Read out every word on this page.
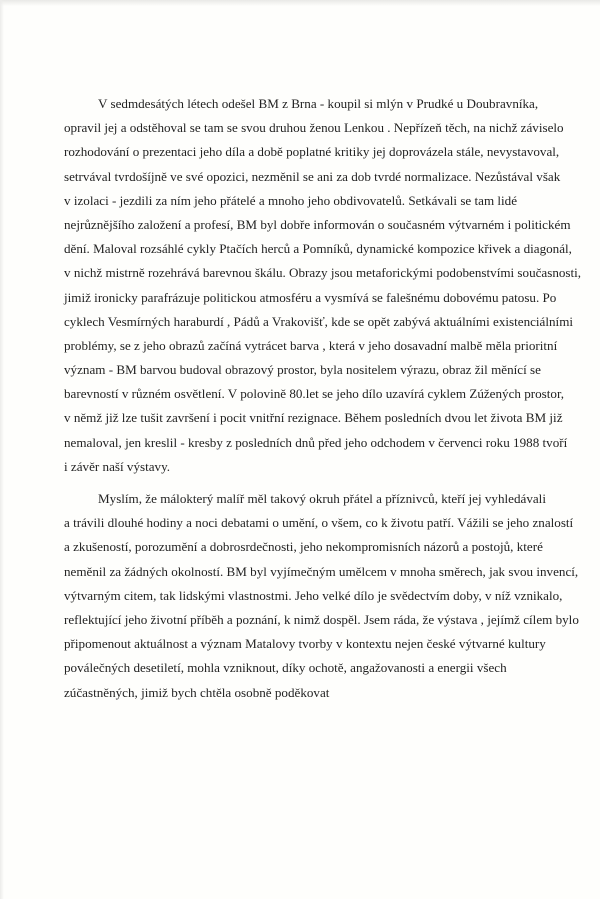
V sedmdesátých létech odešel BM z Brna - koupil si mlýn v Prudké u Doubravníka,
opravil jej a odstěhoval se tam se svou druhou ženou Lenkou . Nepřízeň těch, na nichž záviselo
rozhodování o prezentaci jeho díla a době poplatné kritiky jej doprovázela stále, nevystavoval,
setrvával tvrdošíjně ve své opozici, nezměnil se ani za dob tvrdé normalizace. Nezůstával však
v izolaci - jezdili za ním jeho přátelé a mnoho jeho obdivovatelů. Setkávali se tam lidé
nejrůznějšího založení a profesí, BM byl dobře informován o současném výtvarném i politickém
dění. Maloval rozsáhlé cykly Ptačích herců a Pomníků, dynamické kompozice křivek a diagonál,
v nichž mistrně rozehrává barevnou škálu. Obrazy jsou metaforickými podobenstvími současnosti,
jimiž ironicky parafrázuje politickou atmosféru a vysmívá se falešnému dobovému patosu. Po
cyklech Vesmírných haraburdí , Pádů a Vrakovišť, kde se opět zabývá aktuálními existenciálními
problémy, se z jeho obrazů začíná vytrácet barva , která v jeho dosavadní malbě měla prioritní
význam - BM barvou budoval obrazový prostor, byla nositelem výrazu, obraz žil měnící se
barevností v různém osvětlení. V polovině 80.let se jeho dílo uzavírá cyklem Zúžených prostor,
v němž již lze tušit završení i pocit vnitřní rezignace. Během posledních dvou let života BM již
nemaloval, jen kreslil - kresby z posledních dnů před jeho odchodem v červenci roku 1988 tvoří
i závěr naší výstavy.
Myslím, že málokterý malíř měl takový okruh přátel a příznivců, kteří jej vyhledávali
a trávili dlouhé hodiny a noci debatami o umění, o všem, co k životu patří. Vážili se jeho znalostí
a zkušeností, porozumění a dobrosrdečnosti, jeho nekompromisních názorů a postojů, které
neměnil za žádných okolností. BM byl vyjímečným umělcem v mnoha směrech, jak svou invencí,
výtvarným citem, tak lidskými vlastnostmi. Jeho velké dílo je svědectvím doby, v níž vznikalo,
reflektující jeho životní příběh a poznání, k nimž dospěl. Jsem ráda, že výstava , jejímž cílem bylo
připomenout aktuálnost a význam Matalovy tvorby v kontextu nejen české výtvarné kultury
poválečných desetiletí, mohla vzniknout, díky ochotě, angažovanosti a energii všech
zúčastněných, jimiž bych chtěla osobně poděkovat
